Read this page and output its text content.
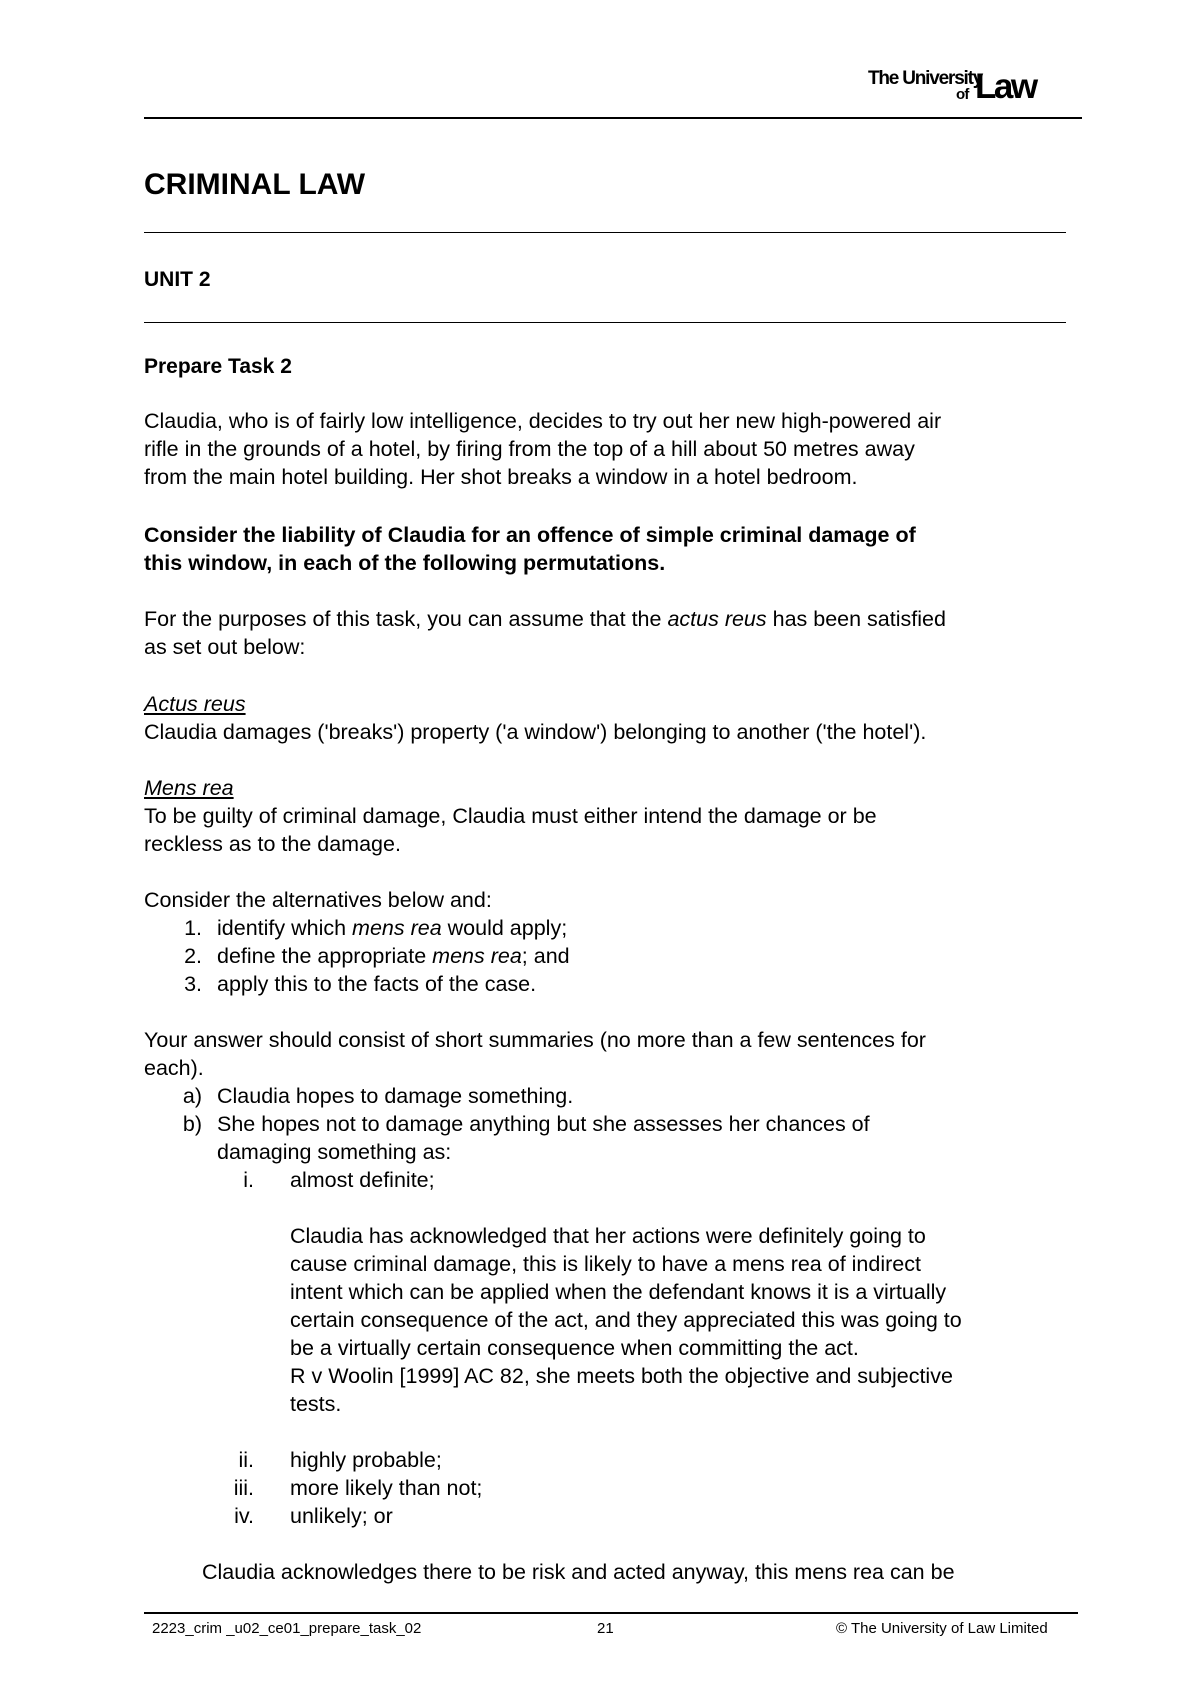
The University
of Law
CRIMINAL LAW
UNIT 2
Prepare Task 2
Claudia, who is of fairly low intelligence, decides to try out her new high-powered air
rifle in the grounds of a hotel, by firing from the top of a hill about 50 metres away
from the main hotel building. Her shot breaks a window in a hotel bedroom.
Consider the liability of Claudia for an offence of simple criminal damage of
this window, in each of the following permutations.
For the purposes of this task, you can assume that the actus reus has been satisfied
as set out below:
Actus reus
Claudia damages ('breaks') property ('a window') belonging to another ('the hotel').
Mens rea
To be guilty of criminal damage, Claudia must either intend the damage or be
reckless as to the damage.
Consider the alternatives below and:
1. identify which mens rea would apply;
2. define the appropriate mens rea; and
3. apply this to the facts of the case.
Your answer should consist of short summaries (no more than a few sentences for
each).
a) Claudia hopes to damage something.
b) She hopes not to damage anything but she assesses her chances of
damaging something as:
i. almost definite;
Claudia has acknowledged that her actions were definitely going to
cause criminal damage, this is likely to have a mens rea of indirect
intent which can be applied when the defendant knows it is a virtually
certain consequence of the act, and they appreciated this was going to
be a virtually certain consequence when committing the act.
R v Woolin [1999] AC 82, she meets both the objective and subjective
tests.
ii. highly probable;
iii. more likely than not;
iv. unlikely; or
Claudia acknowledges there to be risk and acted anyway, this mens rea can be
2223_crim _u02_ce01_prepare_task_02	21	© The University of Law Limited
